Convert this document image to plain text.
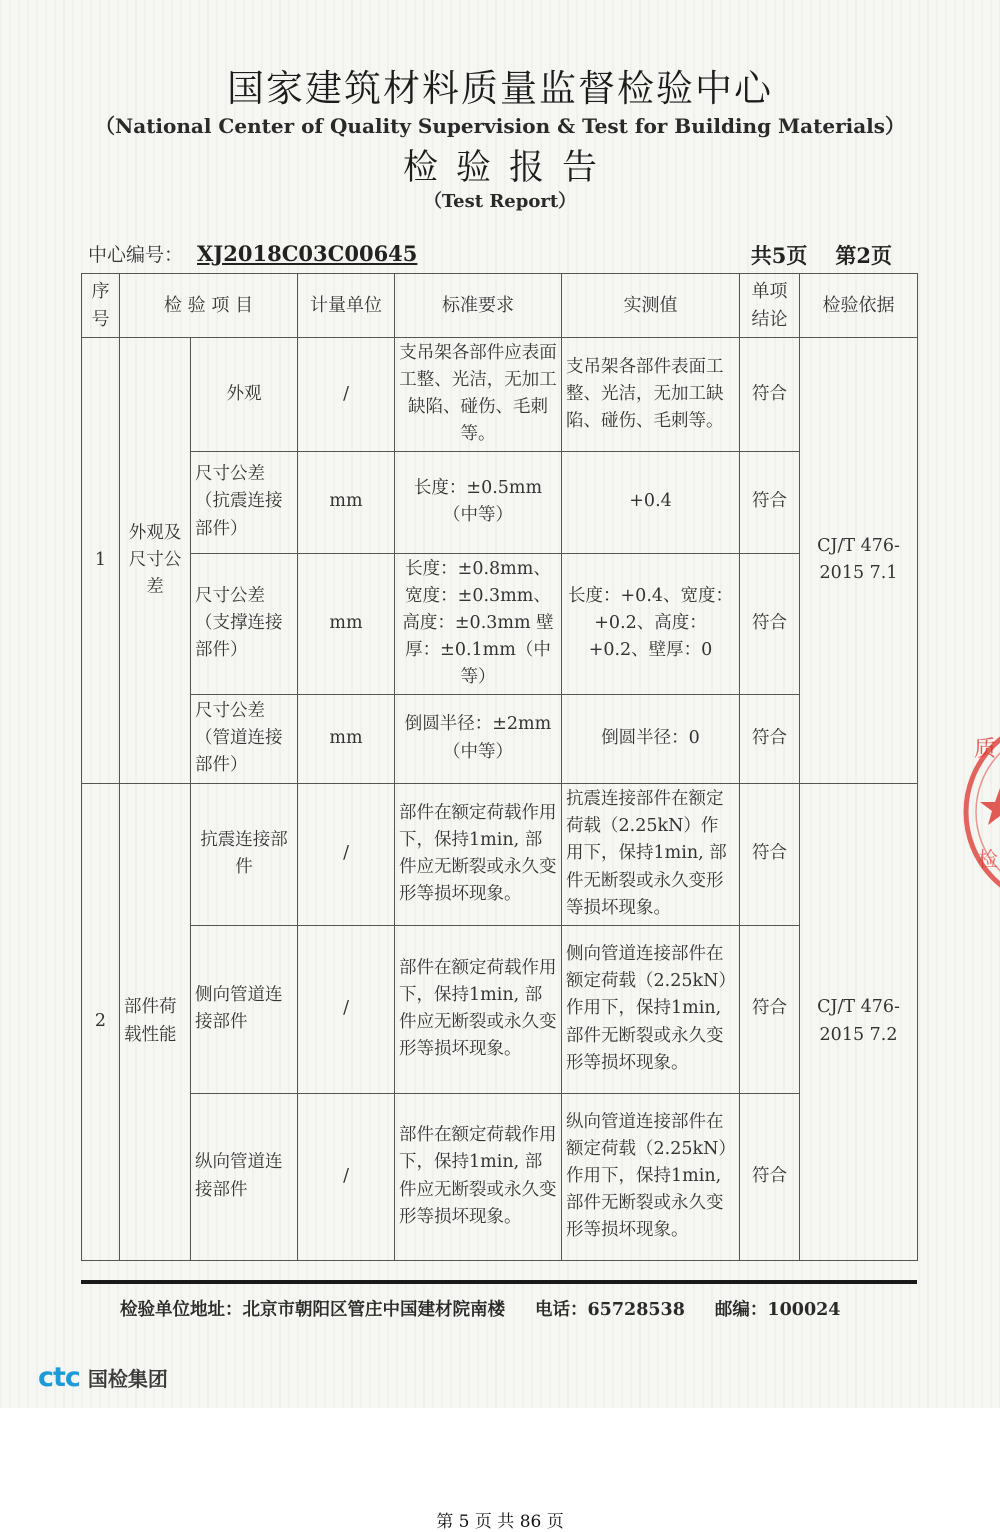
国家建筑材料质量监督检验中心
（National Center of Quality Supervision & Test for Building Materials）
检验报告
（Test Report）
中心编号： XJ2018C03C00645	共5页 第2页
序号	检 验 项 目		计量单位	标准要求	实测值	单项结论	检验依据
1	外观及尺寸公差	外观	/	支吊架各部件应表面工整、光洁，无加工缺陷、碰伤、毛刺等。	支吊架各部件表面工整、光洁，无加工缺陷、碰伤、毛刺等。	符合	CJ/T 476-2015 7.1
		尺寸公差（抗震连接部件）	mm	长度：±0.5mm（中等）	+0.4	符合	
		尺寸公差（支撑连接部件）	mm	长度：±0.8mm、宽度：±0.3mm、高度：±0.3mm 壁厚：±0.1mm（中等）	长度：+0.4、宽度：+0.2、高度：+0.2、壁厚：0	符合	
		尺寸公差（管道连接部件）	mm	倒圆半径：±2mm（中等）	倒圆半径：0	符合	
2	部件荷载性能	抗震连接部件	/	部件在额定荷载作用下，保持1min, 部件应无断裂或永久变形等损坏现象。	抗震连接部件在额定荷载（2.25kN）作用下，保持1min, 部件无断裂或永久变形等损坏现象。	符合	CJ/T 476-2015 7.2
		侧向管道连接部件	/	部件在额定荷载作用下，保持1min, 部件应无断裂或永久变形等损坏现象。	侧向管道连接部件在额定荷载（2.25kN）作用下，保持1min, 部件无断裂或永久变形等损坏现象。	符合	
		纵向管道连接部件	/	部件在额定荷载作用下，保持1min, 部件应无断裂或永久变形等损坏现象。	纵向管道连接部件在额定荷载（2.25kN）作用下，保持1min, 部件无断裂或永久变形等损坏现象。	符合	
检验单位地址：北京市朝阳区管庄中国建材院南楼 电话：65728538 邮编：100024
ctc 国检集团
质
检
第 5 页 共 86 页
